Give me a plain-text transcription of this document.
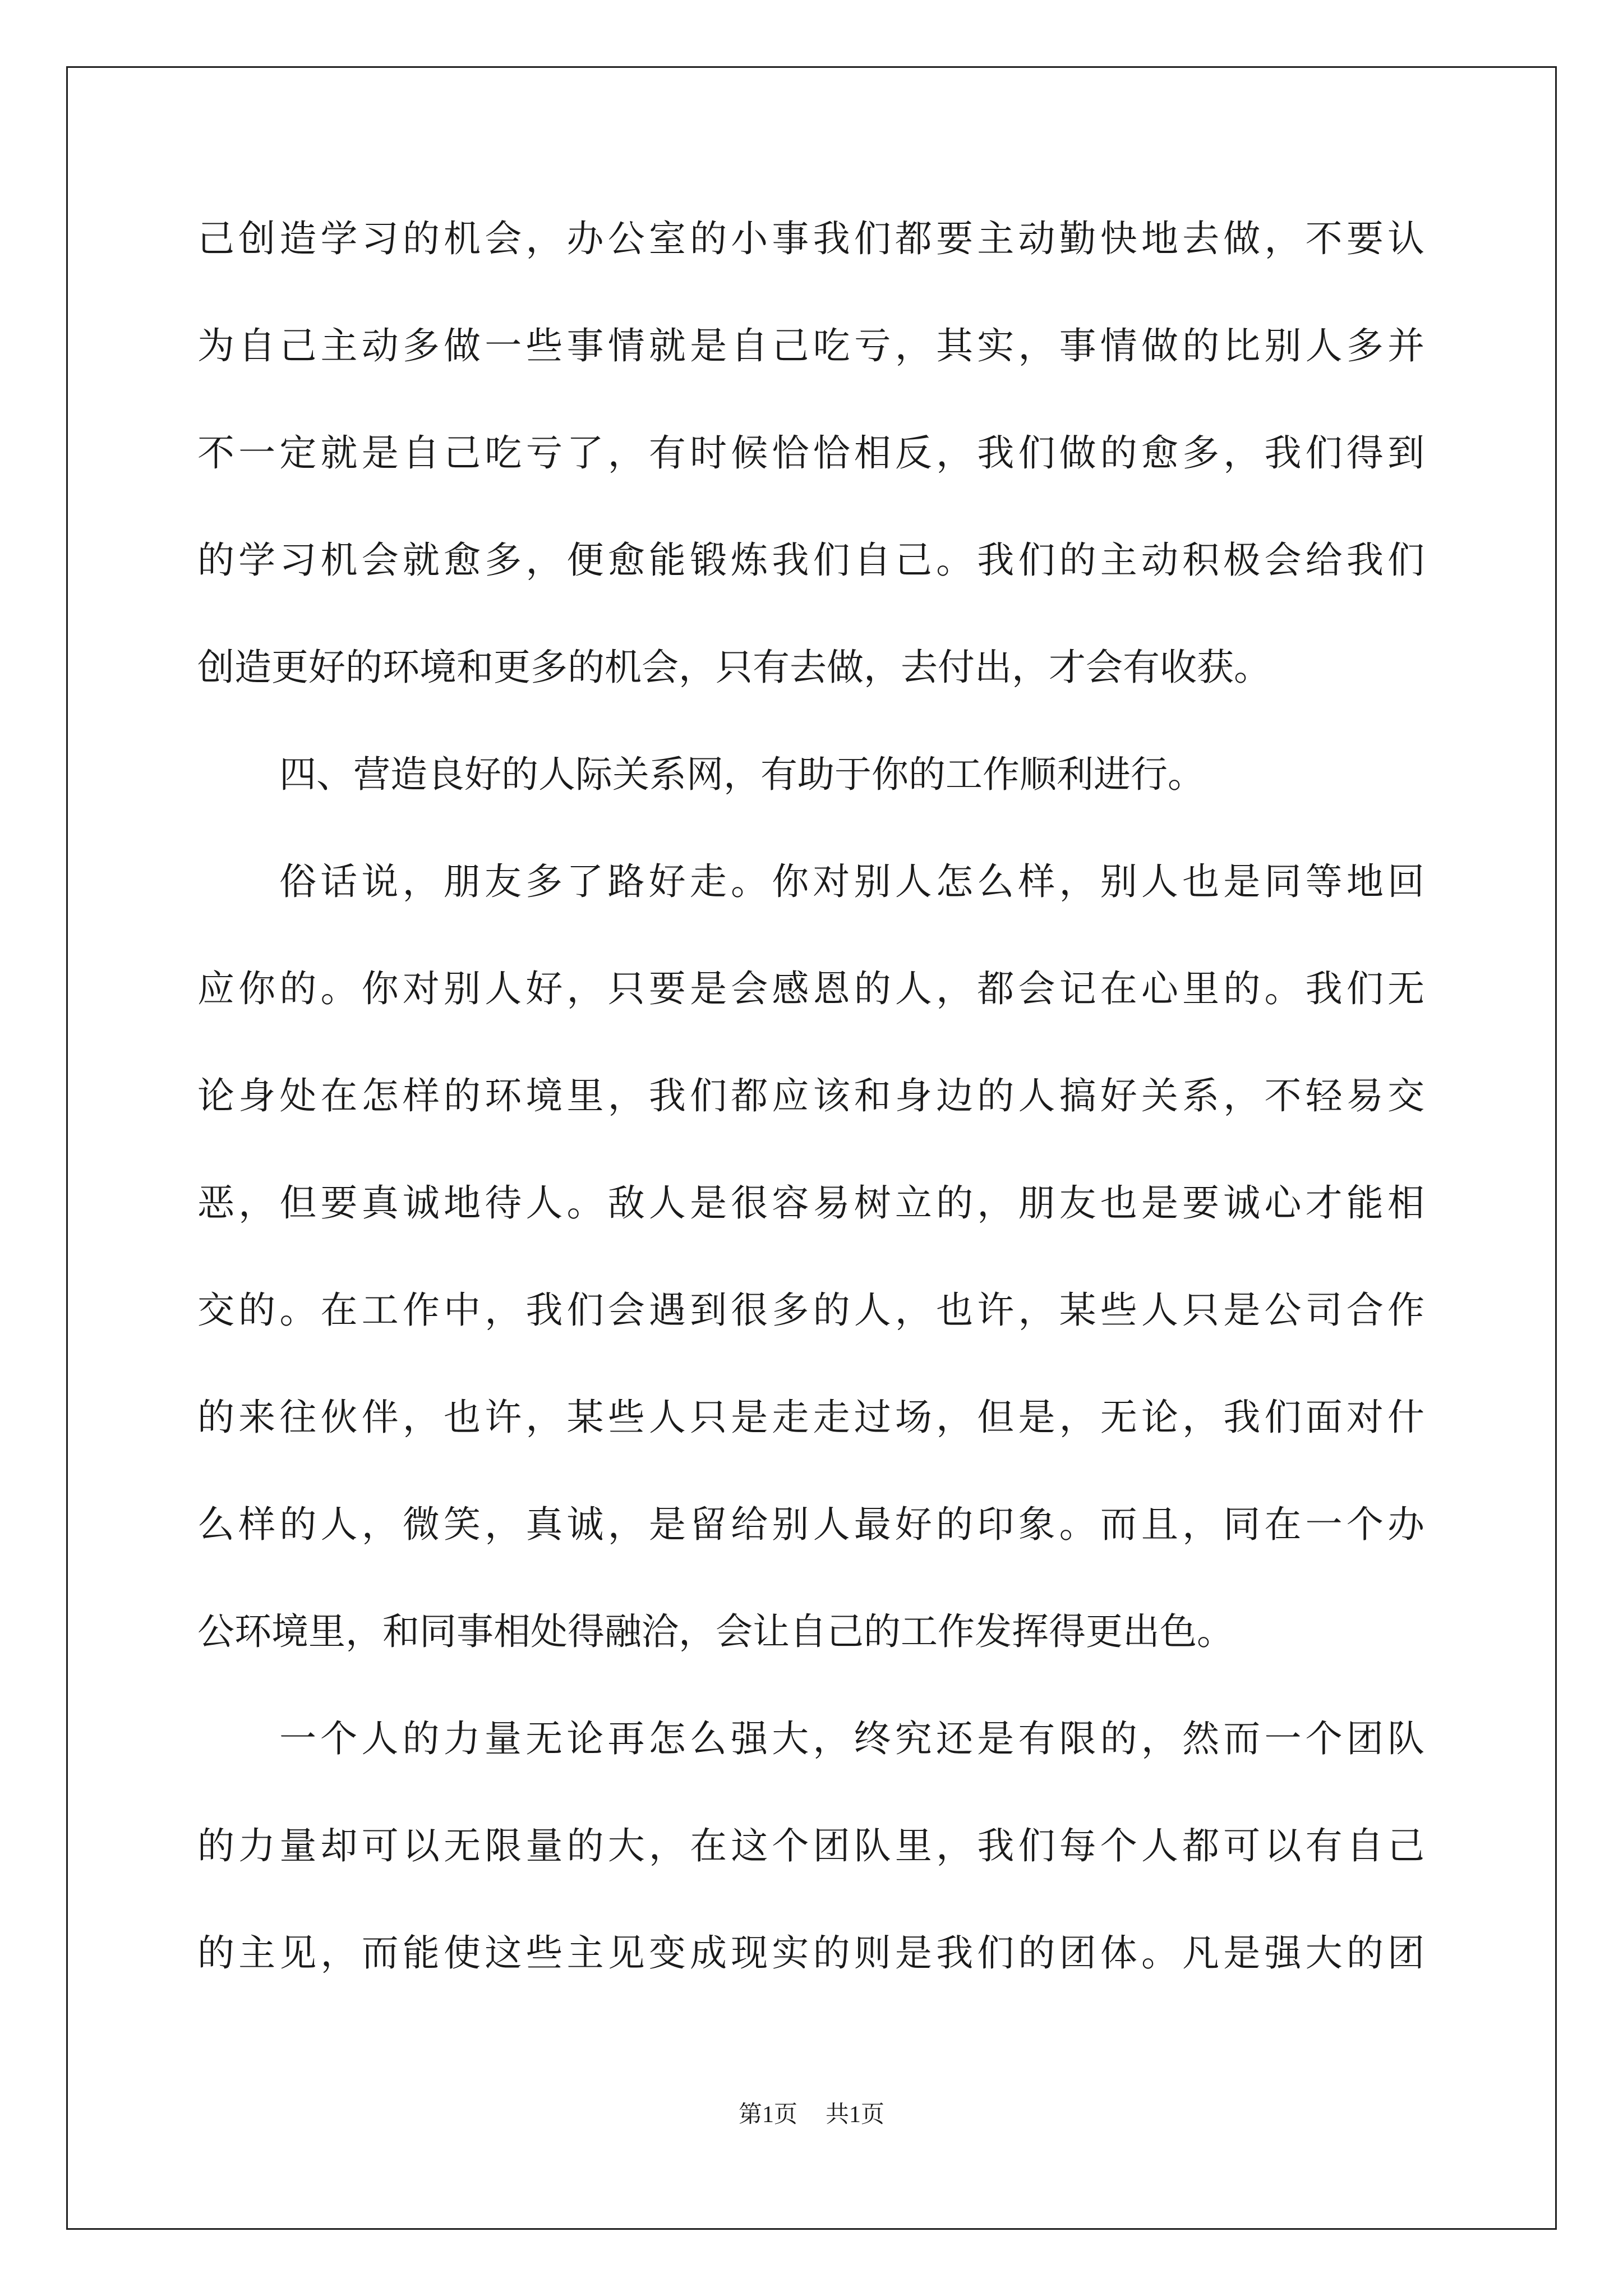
己创造学习的机会，办公室的小事我们都要主动勤快地去做，不要认
为自己主动多做一些事情就是自己吃亏，其实，事情做的比别人多并
不一定就是自己吃亏了，有时候恰恰相反，我们做的愈多，我们得到
的学习机会就愈多，便愈能锻炼我们自己。我们的主动积极会给我们
创造更好的环境和更多的机会，只有去做，去付出，才会有收获。
四、营造良好的人际关系网，有助于你的工作顺利进行。
俗话说，朋友多了路好走。你对别人怎么样，别人也是同等地回
应你的。你对别人好，只要是会感恩的人，都会记在心里的。我们无
论身处在怎样的环境里，我们都应该和身边的人搞好关系，不轻易交
恶，但要真诚地待人。敌人是很容易树立的，朋友也是要诚心才能相
交的。在工作中，我们会遇到很多的人，也许，某些人只是公司合作
的来往伙伴，也许，某些人只是走走过场，但是，无论，我们面对什
么样的人，微笑，真诚，是留给别人最好的印象。而且，同在一个办
公环境里，和同事相处得融洽，会让自己的工作发挥得更出色。
一个人的力量无论再怎么强大，终究还是有限的，然而一个团队
的力量却可以无限量的大，在这个团队里，我们每个人都可以有自己
的主见，而能使这些主见变成现实的则是我们的团体。凡是强大的团
第1页 共1页
